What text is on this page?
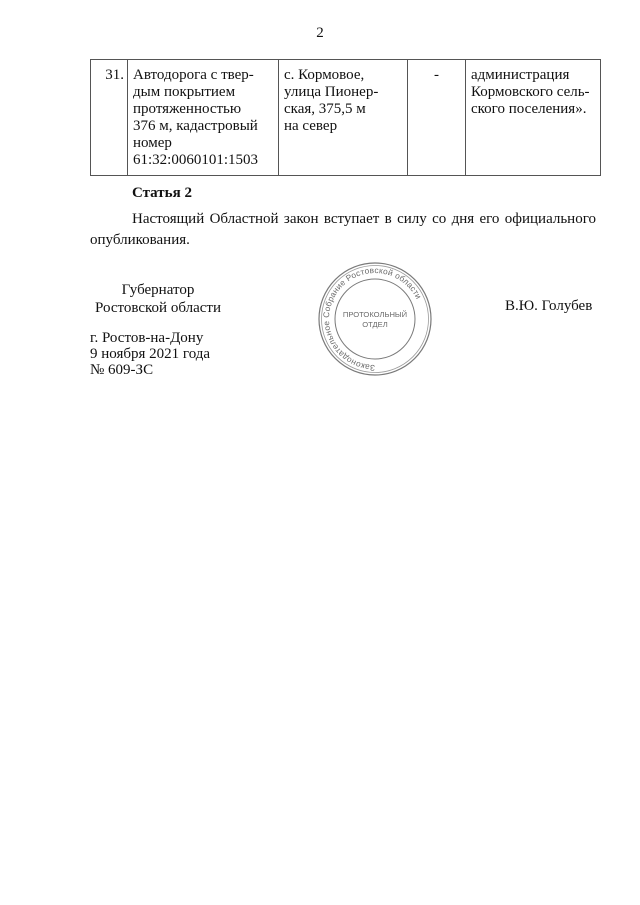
2
31.	Автодорога с твер-
дым покрытием
протяженностью
376 м, кадастровый
номер
61:32:0060101:1503	с. Кормовое,
улица Пионер-
ская, 375,5 м
на север	-	администрация
Кормовского сель-
ского поселения».
Статья 2
Настоящий Областной закон вступает в силу со дня его официального опубликования.
Губернатор
Ростовской области
Законодательное Собрание Ростовской области
ПРОТОКОЛЬНЫЙ
ОТДЕЛ
В.Ю. Голубев
г. Ростов-на-Дону
9 ноября 2021 года
№ 609-ЗС
